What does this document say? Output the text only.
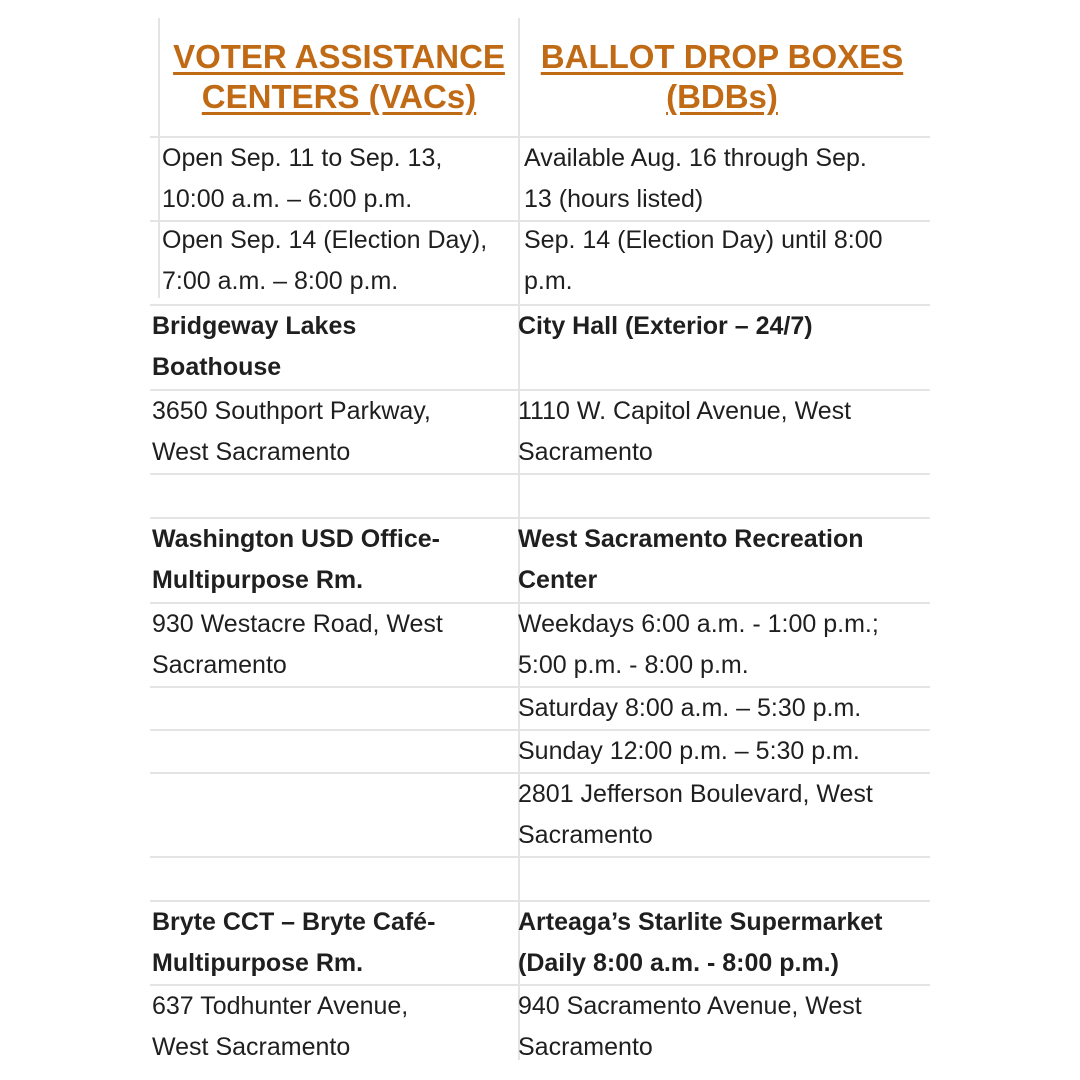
VOTER ASSISTANCE CENTERS (VACs)

BALLOT DROP BOXES (BDBs)

Open Sep. 11 to Sep. 13,
10:00 a.m. – 6:00 p.m.
Available Aug. 16 through Sep.
13 (hours listed)
Open Sep. 14 (Election Day),
7:00 a.m. – 8:00 p.m.
Sep. 14 (Election Day) until 8:00
p.m.
Bridgeway Lakes
Boathouse
City Hall (Exterior – 24/7)
3650 Southport Parkway,
West Sacramento
1110 W. Capitol Avenue, West
Sacramento
Washington USD Office-
Multipurpose Rm.
West Sacramento Recreation
Center
930 Westacre Road, West
Sacramento
Weekdays 6:00 a.m. - 1:00 p.m.;
5:00 p.m. - 8:00 p.m.
Saturday 8:00 a.m. – 5:30 p.m.
Sunday 12:00 p.m. – 5:30 p.m.
2801 Jefferson Boulevard, West
Sacramento
Bryte CCT – Bryte Café-
Multipurpose Rm.
Arteaga’s Starlite Supermarket
(Daily 8:00 a.m. - 8:00 p.m.)
637 Todhunter Avenue,
West Sacramento
940 Sacramento Avenue, West
Sacramento
